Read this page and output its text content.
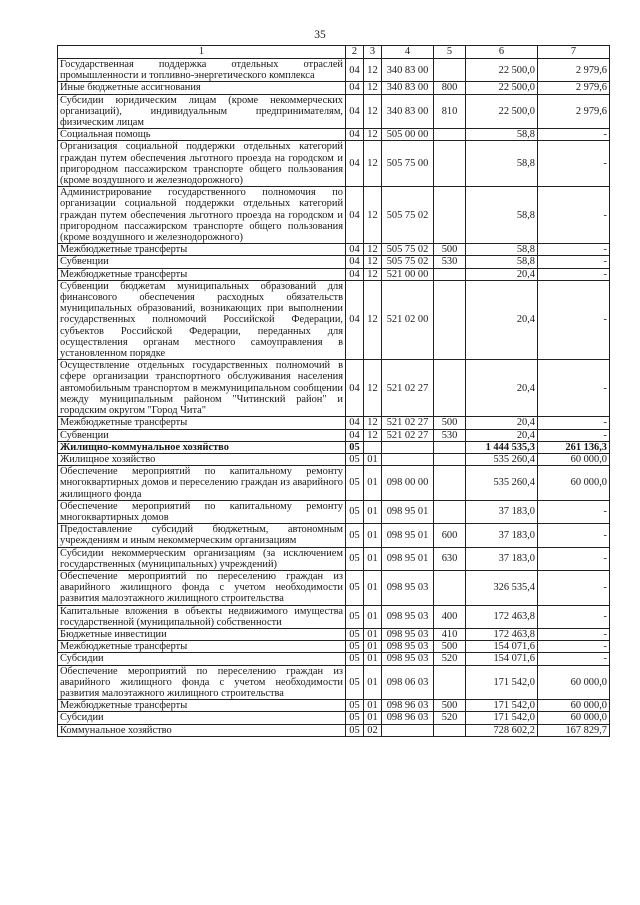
35
1	2	3	4	5	6	7
Государственная поддержка отдельных отраслей промышленности и топливно-энергетического комплекса	04	12	340 83 00		22 500,0	2 979,6
Иные бюджетные ассигнования	04	12	340 83 00	800	22 500,0	2 979,6
Субсидии юридическим лицам (кроме некоммерческих организаций), индивидуальным предпринимателям, физическим лицам	04	12	340 83 00	810	22 500,0	2 979,6
Социальная помощь	04	12	505 00 00		58,8	-
Организация социальной поддержки отдельных категорий граждан путем обеспечения льготного проезда на городском и пригородном пассажирском транспорте общего пользования (кроме воздушного и железнодорожного)	04	12	505 75 00		58,8	-
Администрирование государственного полномочия по организации социальной поддержки отдельных категорий граждан путем обеспечения льготного проезда на городском и пригородном пассажирском транспорте общего пользования (кроме воздушного и железнодорожного)	04	12	505 75 02		58,8	-
Межбюджетные трансферты	04	12	505 75 02	500	58,8	-
Субвенции	04	12	505 75 02	530	58,8	-
Межбюджетные трансферты	04	12	521 00 00		20,4	-
Субвенции бюджетам муниципальных образований для финансового обеспечения расходных обязательств муниципальных образований, возникающих при выполнении государственных полномочий Российской Федерации, субъектов Российской Федерации, переданных для осуществления органам местного самоуправления в установленном порядке	04	12	521 02 00		20,4	-
Осуществление отдельных государственных полномочий в сфере организации транспортного обслуживания населения автомобильным транспортом в межмуниципальном сообщении между муниципальным районом "Читинский район" и городским округом "Город Чита"	04	12	521 02 27		20,4	-
Межбюджетные трансферты	04	12	521 02 27	500	20,4	-
Субвенции	04	12	521 02 27	530	20,4	-
Жилищно-коммунальное хозяйство	05				1 444 535,3	261 136,3
Жилищное хозяйство	05	01			535 260,4	60 000,0
Обеспечение мероприятий по капитальному ремонту многоквартирных домов и переселению граждан из аварийного жилищного фонда	05	01	098 00 00		535 260,4	60 000,0
Обеспечение мероприятий по капитальному ремонту многоквартирных домов	05	01	098 95 01		37 183,0	-
Предоставление субсидий бюджетным, автономным учреждениям и иным некоммерческим организациям	05	01	098 95 01	600	37 183,0	-
Субсидии некоммерческим организациям (за исключением государственных (муниципальных) учреждений)	05	01	098 95 01	630	37 183,0	-
Обеспечение мероприятий по переселению граждан из аварийного жилищного фонда с учетом необходимости развития малоэтажного жилищного строительства	05	01	098 95 03		326 535,4	-
Капитальные вложения в объекты недвижимого имущества государственной (муниципальной) собственности	05	01	098 95 03	400	172 463,8	-
Бюджетные инвестиции	05	01	098 95 03	410	172 463,8	-
Межбюджетные трансферты	05	01	098 95 03	500	154 071,6	-
Субсидии	05	01	098 95 03	520	154 071,6	-
Обеспечение мероприятий по переселению граждан из аварийного жилищного фонда с учетом необходимости развития малоэтажного жилищного строительства	05	01	098 06 03		171 542,0	60 000,0
Межбюджетные трансферты	05	01	098 96 03	500	171 542,0	60 000,0
Субсидии	05	01	098 96 03	520	171 542,0	60 000,0
Коммунальное хозяйство	05	02			728 602,2	167 829,7
